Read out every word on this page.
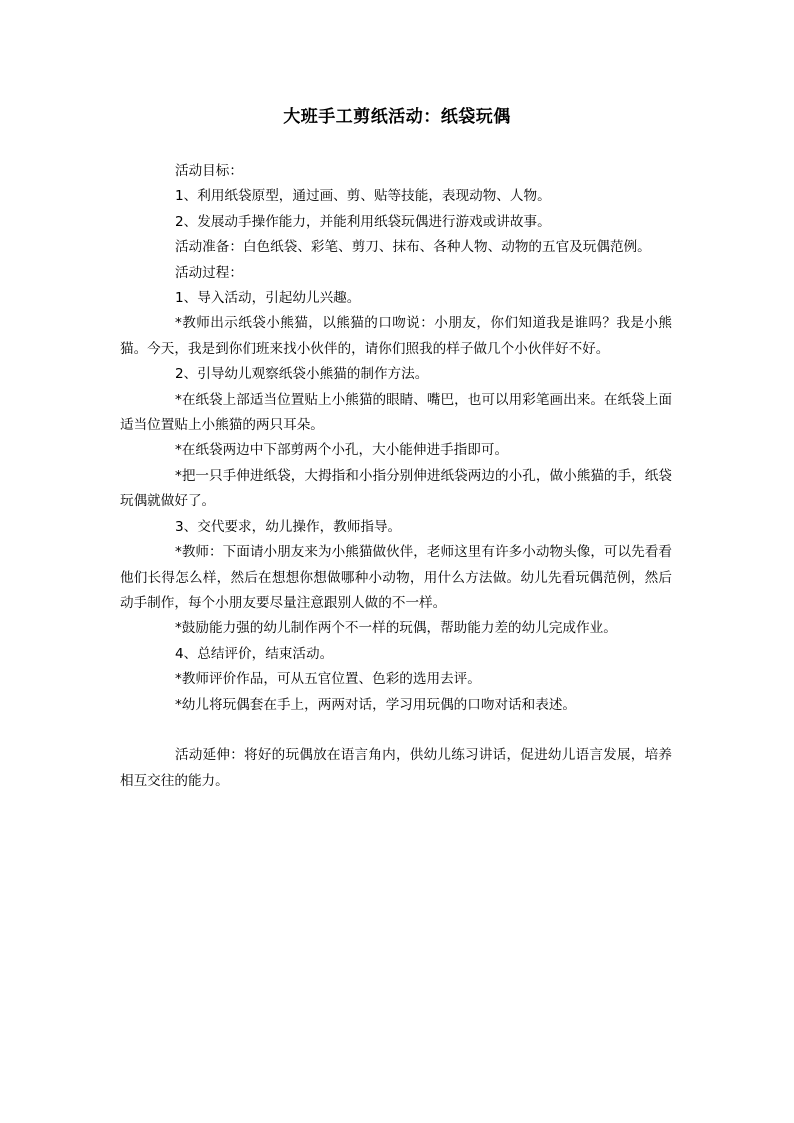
大班手工剪纸活动：纸袋玩偶

活动目标：

1、利用纸袋原型，通过画、剪、贴等技能，表现动物、人物。

2、发展动手操作能力，并能利用纸袋玩偶进行游戏或讲故事。

活动准备：白色纸袋、彩笔、剪刀、抹布、各种人物、动物的五官及玩偶范例。

活动过程：

1、导入活动，引起幼儿兴趣。

*教师出示纸袋小熊猫，以熊猫的口吻说：小朋友，你们知道我是谁吗？我是小熊猫。今天，我是到你们班来找小伙伴的，请你们照我的样子做几个小伙伴好不好。

2、引导幼儿观察纸袋小熊猫的制作方法。

*在纸袋上部适当位置贴上小熊猫的眼睛、嘴巴，也可以用彩笔画出来。在纸袋上面适当位置贴上小熊猫的两只耳朵。

*在纸袋两边中下部剪两个小孔，大小能伸进手指即可。

*把一只手伸进纸袋，大拇指和小指分别伸进纸袋两边的小孔，做小熊猫的手，纸袋玩偶就做好了。

3、交代要求，幼儿操作，教师指导。

*教师：下面请小朋友来为小熊猫做伙伴，老师这里有许多小动物头像，可以先看看他们长得怎么样，然后在想想你想做哪种小动物，用什么方法做。幼儿先看玩偶范例，然后动手制作，每个小朋友要尽量注意跟别人做的不一样。

*鼓励能力强的幼儿制作两个不一样的玩偶，帮助能力差的幼儿完成作业。

4、总结评价，结束活动。

*教师评价作品，可从五官位置、色彩的选用去评。

*幼儿将玩偶套在手上，两两对话，学习用玩偶的口吻对话和表述。

活动延伸：将好的玩偶放在语言角内，供幼儿练习讲话，促进幼儿语言发展，培养相互交往的能力。
